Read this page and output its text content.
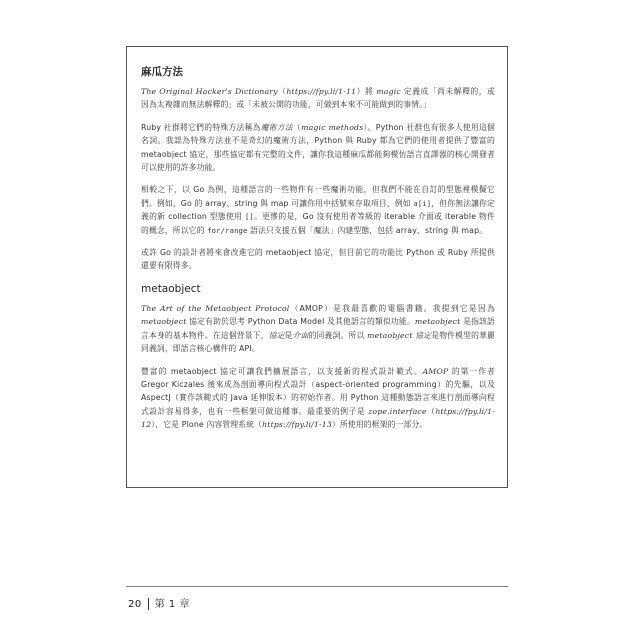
麻瓜方法

The Original Hacker's Dictionary（https://fpy.li/1-11）將 magic 定義成「尚未解釋的，或因為太複雜而無法解釋的」或「未被公開的功能，可做到本來不可能做到的事情。」

Ruby 社群將它們的特殊方法稱為魔術方法（magic methods）。Python 社群也有很多人使用這個名詞。我認為特殊方法並不是奇幻的魔術方法，Python 與 Ruby 都為它們的使用者提供了豐富的 metaobject 協定，那些協定都有完整的文件，讓你我這種麻瓜都能夠模仿語言直譯器的核心開發者可以使用的許多功能。

相較之下，以 Go 為例，這種語言的一些物件有一些魔術功能，但我們不能在自訂的型態裡模擬它們。例如，Go 的 array、string 與 map 可讓你用中括號來存取項目，例如 a[i]，但你無法讓你定義的新 collection 型態使用 []。更慘的是，Go 沒有使用者等級的 iterable 介面或 iterable 物件的概念，所以它的 for/range 語法只支援五個「魔法」內建型態，包括 array、string 與 map。

或許 Go 的設計者將來會改進它的 metaobject 協定，但目前它的功能比 Python 或 Ruby 所提供還要有限得多。

metaobject

The Art of the Metaobject Protocol（AMOP）是我最喜歡的電腦書籍。我提到它是因為 metaobject 協定有助於思考 Python Data Model 及其他語言的類似功能。metaobject 是指該語言本身的基本物件。在這個背景下，協定是介面的同義詞。所以 metaobject 協定是物件模型的華麗同義詞，即語言核心構件的 API。

豐富的 metaobject 協定可讓我們擴展語言，以支援新的程式設計範式。AMOP 的第一作者 Gregor Kiczales 後來成為剖面導向程式設計（aspect-oriented programming）的先驅，以及 AspectJ（實作該範式的 Java 延伸版本）的初始作者。用 Python 這種動態語言來進行剖面導向程式設計容易得多，也有一些框架可做這種事。最重要的例子是 zope.interface（https://fpy.li/1-12），它是 Plone 內容管理系統（https://fpy.li/1-13）所使用的框架的一部分。

20 第 1 章
